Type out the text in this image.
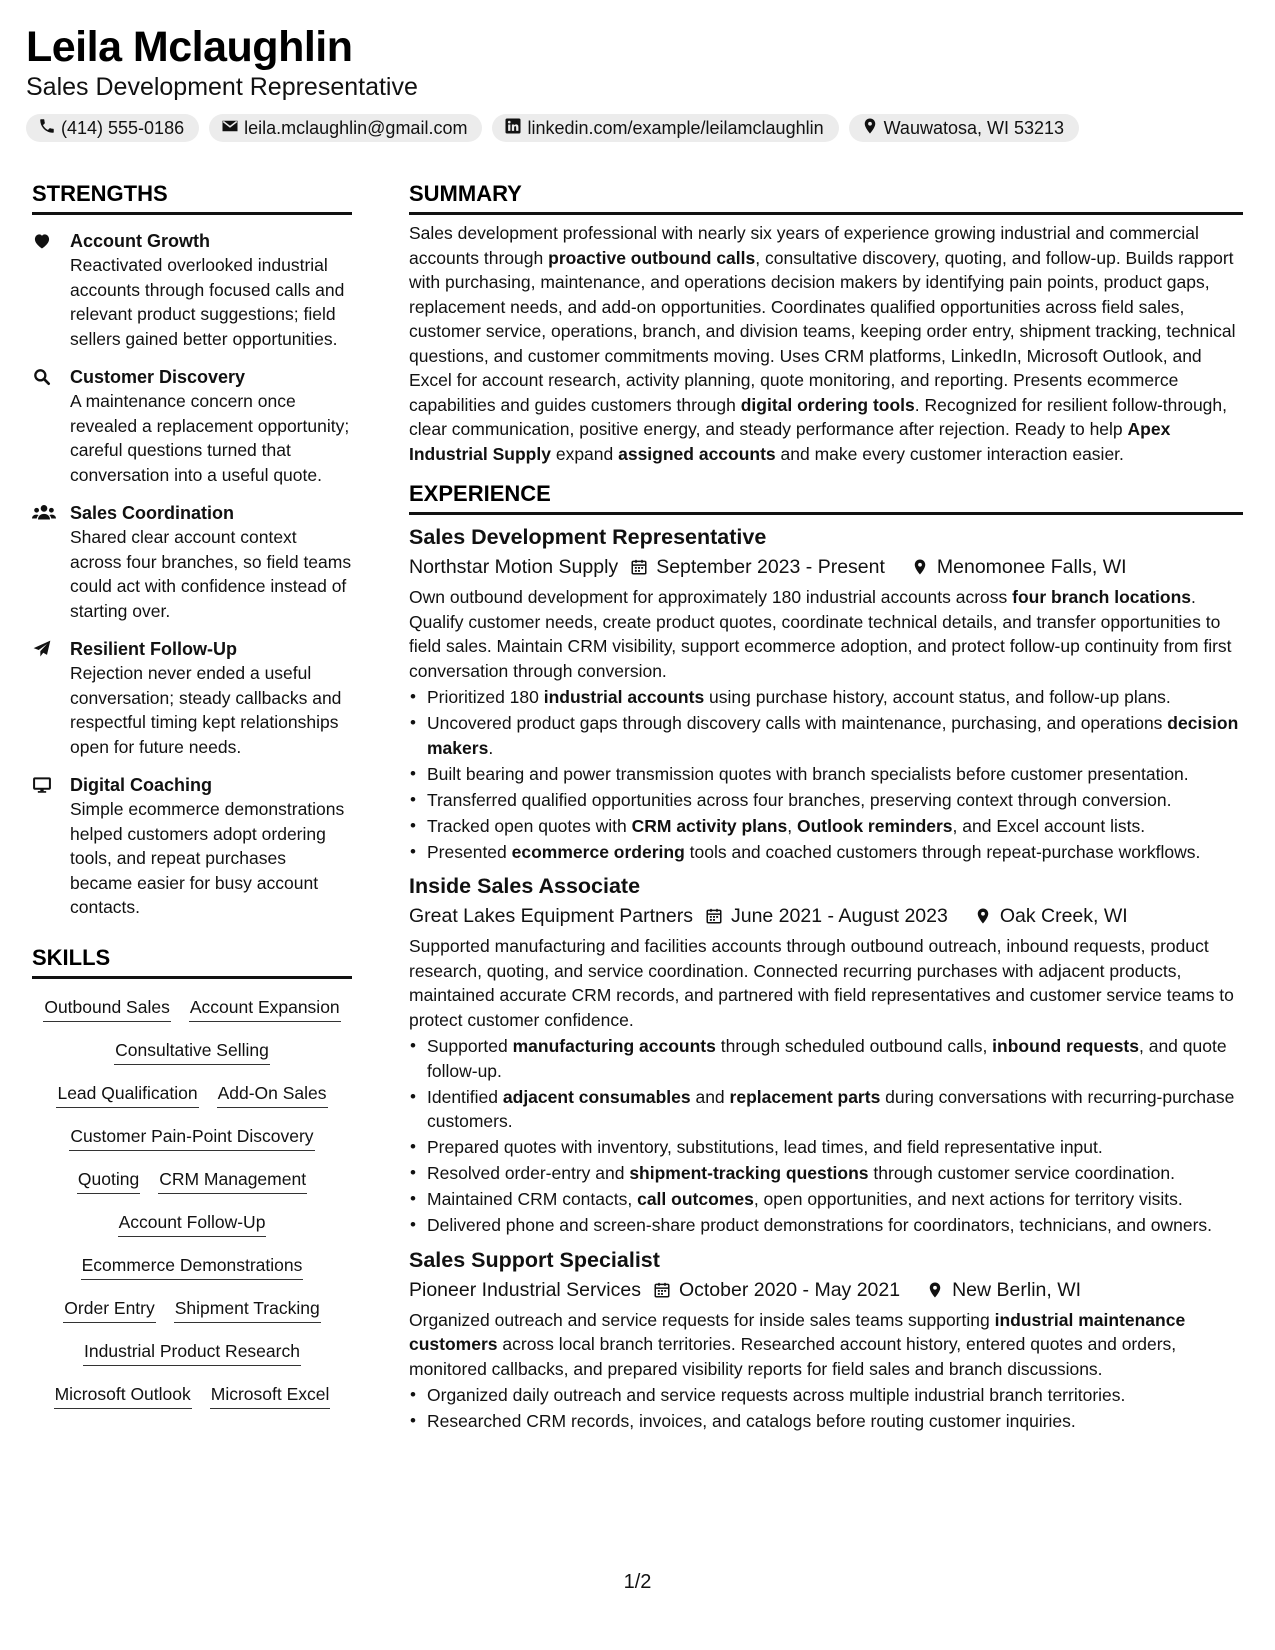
Leila Mclaughlin
Sales Development Representative
(414) 555-0186	leila.mclaughlin@gmail.com	linkedin.com/example/leilamclaughlin	Wauwatosa, WI 53213
STRENGTHS
Account Growth
Reactivated overlooked industrial accounts through focused calls and relevant product suggestions; field sellers gained better opportunities.
Customer Discovery
A maintenance concern once revealed a replacement opportunity; careful questions turned that conversation into a useful quote.
Sales Coordination
Shared clear account context across four branches, so field teams could act with confidence instead of starting over.
Resilient Follow-Up
Rejection never ended a useful conversation; steady callbacks and respectful timing kept relationships open for future needs.
Digital Coaching
Simple ecommerce demonstrations helped customers adopt ordering tools, and repeat purchases became easier for busy account contacts.
SKILLS
Outbound Sales Account Expansion
Consultative Selling
Lead Qualification Add-On Sales
Customer Pain-Point Discovery
Quoting CRM Management
Account Follow-Up
Ecommerce Demonstrations
Order Entry Shipment Tracking
Industrial Product Research
Microsoft Outlook Microsoft Excel
SUMMARY
Sales development professional with nearly six years of experience growing industrial and commercial accounts through proactive outbound calls, consultative discovery, quoting, and follow-up. Builds rapport with purchasing, maintenance, and operations decision makers by identifying pain points, product gaps, replacement needs, and add-on opportunities. Coordinates qualified opportunities across field sales, customer service, operations, branch, and division teams, keeping order entry, shipment tracking, technical questions, and customer commitments moving. Uses CRM platforms, LinkedIn, Microsoft Outlook, and Excel for account research, activity planning, quote monitoring, and reporting. Presents ecommerce capabilities and guides customers through digital ordering tools. Recognized for resilient follow-through, clear communication, positive energy, and steady performance after rejection. Ready to help Apex Industrial Supply expand assigned accounts and make every customer interaction easier.
EXPERIENCE
Sales Development Representative
Northstar Motion Supply September 2023 - Present	Menomonee Falls, WI
Own outbound development for approximately 180 industrial accounts across four branch locations. Qualify customer needs, create product quotes, coordinate technical details, and transfer opportunities to field sales. Maintain CRM visibility, support ecommerce adoption, and protect follow-up continuity from first conversation through conversion.
• Prioritized 180 industrial accounts using purchase history, account status, and follow-up plans.
• Uncovered product gaps through discovery calls with maintenance, purchasing, and operations decision makers.
• Built bearing and power transmission quotes with branch specialists before customer presentation.
• Transferred qualified opportunities across four branches, preserving context through conversion.
• Tracked open quotes with CRM activity plans, Outlook reminders, and Excel account lists.
• Presented ecommerce ordering tools and coached customers through repeat-purchase workflows.
Inside Sales Associate
Great Lakes Equipment Partners June 2021 - August 2023	Oak Creek, WI
Supported manufacturing and facilities accounts through outbound outreach, inbound requests, product research, quoting, and service coordination. Connected recurring purchases with adjacent products, maintained accurate CRM records, and partnered with field representatives and customer service teams to protect customer confidence.
• Supported manufacturing accounts through scheduled outbound calls, inbound requests, and quote follow-up.
• Identified adjacent consumables and replacement parts during conversations with recurring-purchase customers.
• Prepared quotes with inventory, substitutions, lead times, and field representative input.
• Resolved order-entry and shipment-tracking questions through customer service coordination.
• Maintained CRM contacts, call outcomes, open opportunities, and next actions for territory visits.
• Delivered phone and screen-share product demonstrations for coordinators, technicians, and owners.
Sales Support Specialist
Pioneer Industrial Services October 2020 - May 2021	New Berlin, WI
Organized outreach and service requests for inside sales teams supporting industrial maintenance customers across local branch territories. Researched account history, entered quotes and orders, monitored callbacks, and prepared visibility reports for field sales and branch discussions.
• Organized daily outreach and service requests across multiple industrial branch territories.
• Researched CRM records, invoices, and catalogs before routing customer inquiries.
1/2
